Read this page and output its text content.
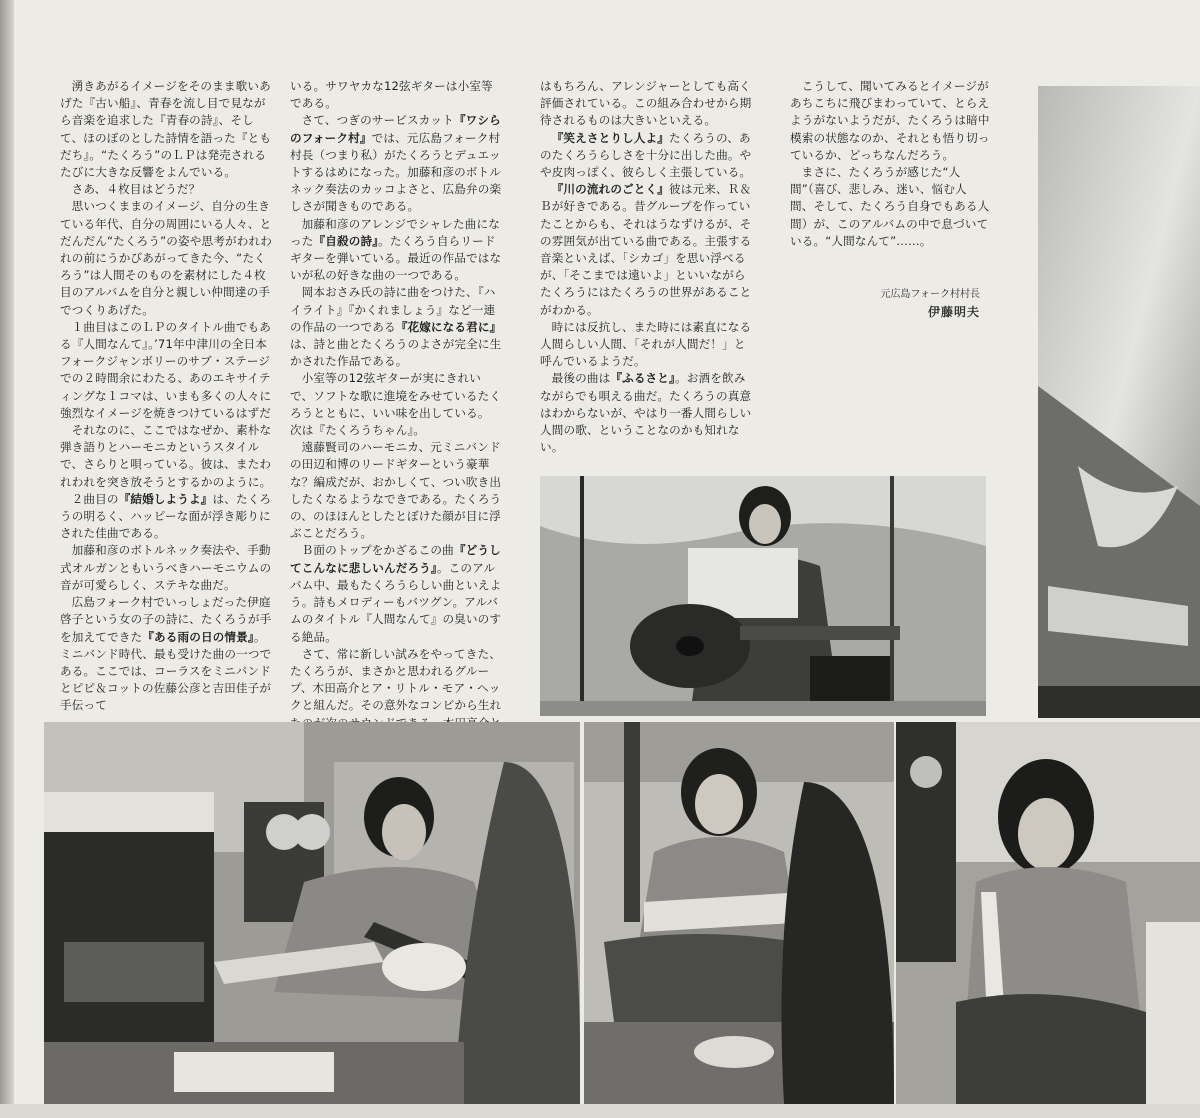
湧きあがるイメージをそのまま歌いあげた『古い船』、青春を流し目で見ながら音楽を追求した『青春の詩』、そして、ほのぼのとした詩情を語った『ともだち』。“たくろう”のＬＰは発売されるたびに大きな反響をよんでいる。

さあ、４枚目はどうだ？

思いつくままのイメージ、自分の生きている年代、自分の周囲にいる人々、とだんだん“たくろう”の姿や思考がわれわれの前にうかびあがってきた今、“たくろう”は人間そのものを素材にした４枚目のアルバムを自分と親しい仲間達の手でつくりあげた。

１曲目はこのＬＰのタイトル曲でもある『人間なんて』。’71年中津川の全日本フォークジャンボリーのサブ・ステージでの２時間余にわたる、あのエキサイティングな１コマは、いまも多くの人々に強烈なイメージを焼きつけているはずだ

それなのに、ここではなぜか、素朴な弾き語りとハーモニカというスタイルで、さらりと唄っている。彼は、またわれわれを突き放そうとするかのように。

２曲目の『結婚しようよ』は、たくろうの明るく、ハッピーな面が浮き彫りにされた佳曲である。

加藤和彦のボトルネック奏法や、手動式オルガンともいうべきハーモニウムの音が可愛らしく、ステキな曲だ。

広島フォーク村でいっしょだった伊庭啓子という女の子の詩に、たくろうが手を加えてできた『ある雨の日の情景』。ミニバンド時代、最も受けた曲の一つである。ここでは、コーラスをミニバンドとピピ＆コットの佐藤公彦と吉田佳子が手伝って

いる。サワヤカな12弦ギターは小室等である。

さて、つぎのサービスカット『ワシらのフォーク村』では、元広島フォーク村村長（つまり私）がたくろうとデュエットするはめになった。加藤和彦のボトルネック奏法のカッコよさと、広島弁の楽しさが聞きものである。

加藤和彦のアレンジでシャレた曲になった『自殺の詩』。たくろう自らリードギターを弾いている。最近の作品ではないが私の好きな曲の一つである。

岡本おさみ氏の詩に曲をつけた、『ハイライト』『かくれましょう』など一連の作品の一つである『花嫁になる君に』は、詩と曲とたくろうのよさが完全に生かされた作品である。

小室等の12弦ギターが実にきれいで、ソフトな歌に進境をみせているたくろうとともに、いい味を出している。　次は『たくろうちゃん』。

遠藤賢司のハーモニカ、元ミニバンドの田辺和博のリードギターという豪華な？編成だが、おかしくて、つい吹き出したくなるようなできである。たくろうの、のほほんとしたとぼけた顔が目に浮ぶことだろう。

Ｂ面のトップをかざるこの曲『どうしてこんなに悲しいんだろう』。このアルバム中、最もたくろうらしい曲といえよう。詩もメロディーもバツグン。アルバムのタイトル『人間なんて』の臭いのする絶品。

さて、常に新しい試みをやってきた、たくろうが、まさかと思われるグループ、木田高介とア・リトル・モア・ヘックと組んだ。その意外なコンビから生れ

はもちろん、アレンジャーとしても高く評価されている。この組み合わせから期待されるものは大きいといえる。

『笑えさとりし人よ』たくろうの、あのたくろうらしさを十分に出した曲。やや皮肉っぽく、彼らしく主張している。

『川の流れのごとく』彼は元来、Ｒ＆Ｂが好きである。昔グループを作っていたことからも、それはうなずけるが、その雰囲気が出ている曲である。主張する音楽といえば、「シカゴ」を思い浮べるが、「そこまでは遠いよ」といいながらたくろうにはたくろうの世界があることがわかる。

時には反抗し、また時には素直になる人間らしい人間、「それが人間だ！」と呼んでいるようだ。

最後の曲は『ふるさと』。お酒を飲みながらでも唄える曲だ。たくろうの真意はわからないが、やはり一番人間らしい人間の歌、ということなのかも知れない。

こうして、聞いてみるとイメージがあちこちに飛びまわっていて、とらえようがないようだが、たくろうは暗中模索の状態なのか、それとも悟り切っているか、どっちなんだろう。

まさに、たくろうが感じた“人間”（喜び、悲しみ、迷い、悩む人間、そして、たくろう自身でもある人間）が、このアルバムの中で息づいている。“人間なんて”……。

元広島フォーク村村長
伊藤明夫
